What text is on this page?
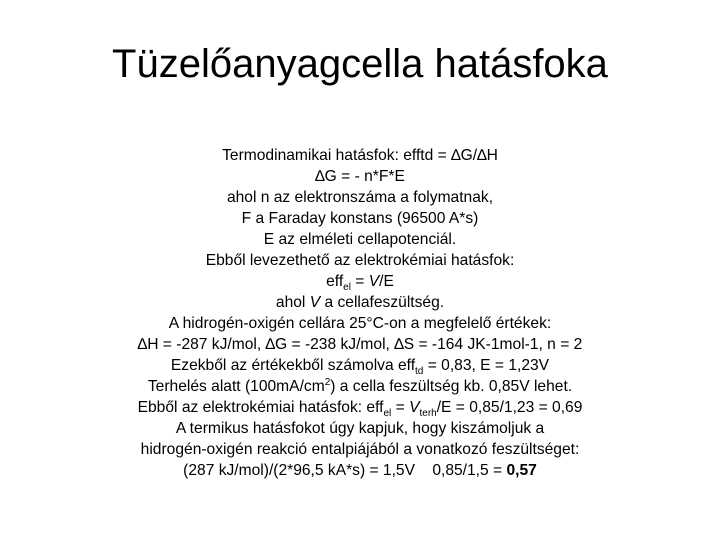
Tüzelőanyagcella hatásfoka
Termodinamikai hatásfok: efftd = ∆G/∆H
∆G = - n*F*E
ahol n az elektronszáma a folymatnak,
F a Faraday konstans (96500 A*s)
E az elméleti cellapotenciál.
Ebből levezethető az elektrokémiai hatásfok:
eff$_{el}$ = V/E
ahol V a cellafeszültség.
A hidrogén-oxigén cellára 25°C-on a megfelelő értékek:
∆H = -287 kJ/mol, ∆G = -238 kJ/mol, ∆S = -164 JK-1mol-1, n = 2
Ezekből az értékekből számolva eff$_{td}$ = 0,83, E = 1,23V
Terhelés alatt $(100mA/cm^2)$ a cella feszültség kb. 0,85V lehet.
Ebből az elektrokémiai hatásfok: $eff_{el} = V_{terh}/E = 0,85/1,23 = 0,69$
A termikus hatásfokot úgy kapjuk, hogy kiszámoljuk a
hidrogén-oxigén reakció entalpiájából a vonatkozó feszültséget:
(287 kJ/mol)/(2*96,5 kA*s) = 1,5V    0,85/1,5 = 0,57
